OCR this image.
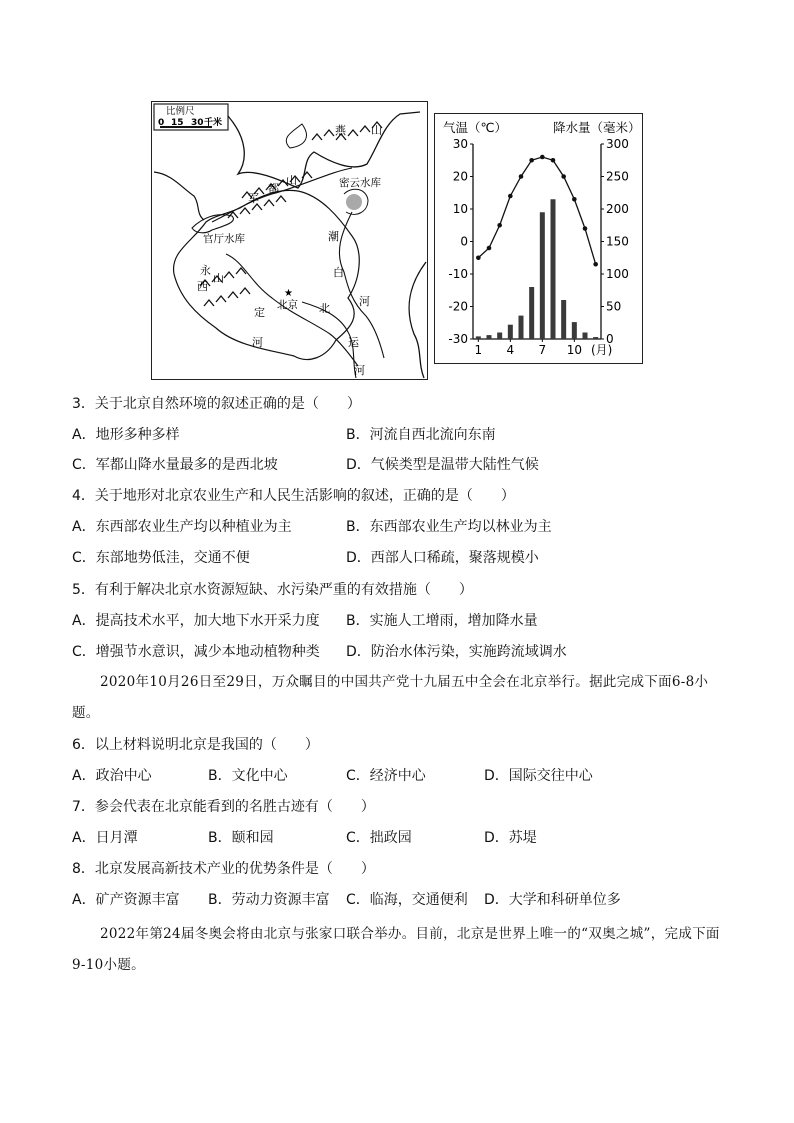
比例尺
0 15 30 千米
★
燕 山
军
都
山	密云水库
官厅水库	潮
白
河
永
定
河
西
山
北京 北
运
河
气温（℃）	降水量（毫米）
30
20
10
0
-10
-20
-30
300
250
200
150
100
50
0
1 4 7 10 (月)
3．关于北京自然环境的叙述正确的是（　　）
A．地形多种多样	B．河流自西北流向东南
C．军都山降水量最多的是西北坡	D．气候类型是温带大陆性气候
4．关于地形对北京农业生产和人民生活影响的叙述，正确的是（　　）
A．东西部农业生产均以种植业为主	B．东西部农业生产均以林业为主
C．东部地势低洼，交通不便	D．西部人口稀疏，聚落规模小
5．有利于解决北京水资源短缺、水污染严重的有效措施（　　）
A．提高技术水平，加大地下水开采力度 B．实施人工增雨，增加降水量
C．增强节水意识，减少本地动植物种类 D．防治水体污染，实施跨流域调水
2020年10月26日至29日，万众瞩目的中国共产党十九届五中全会在北京举行。据此完成下面6-8小题。
6．以上材料说明北京是我国的（　　）
A．政治中心	B．文化中心	C．经济中心	D．国际交往中心
7．参会代表在北京能看到的名胜古迹有（　　）
A．日月潭	B．颐和园	C．拙政园	D．苏堤
8．北京发展高新技术产业的优势条件是（　　）
A．矿产资源丰富 B．劳动力资源丰富 C．临海，交通便利 D．大学和科研单位多
2022年第24届冬奥会将由北京与张家口联合举办。目前，北京是世界上唯一的“双奥之城”，完成下面9-10小题。
